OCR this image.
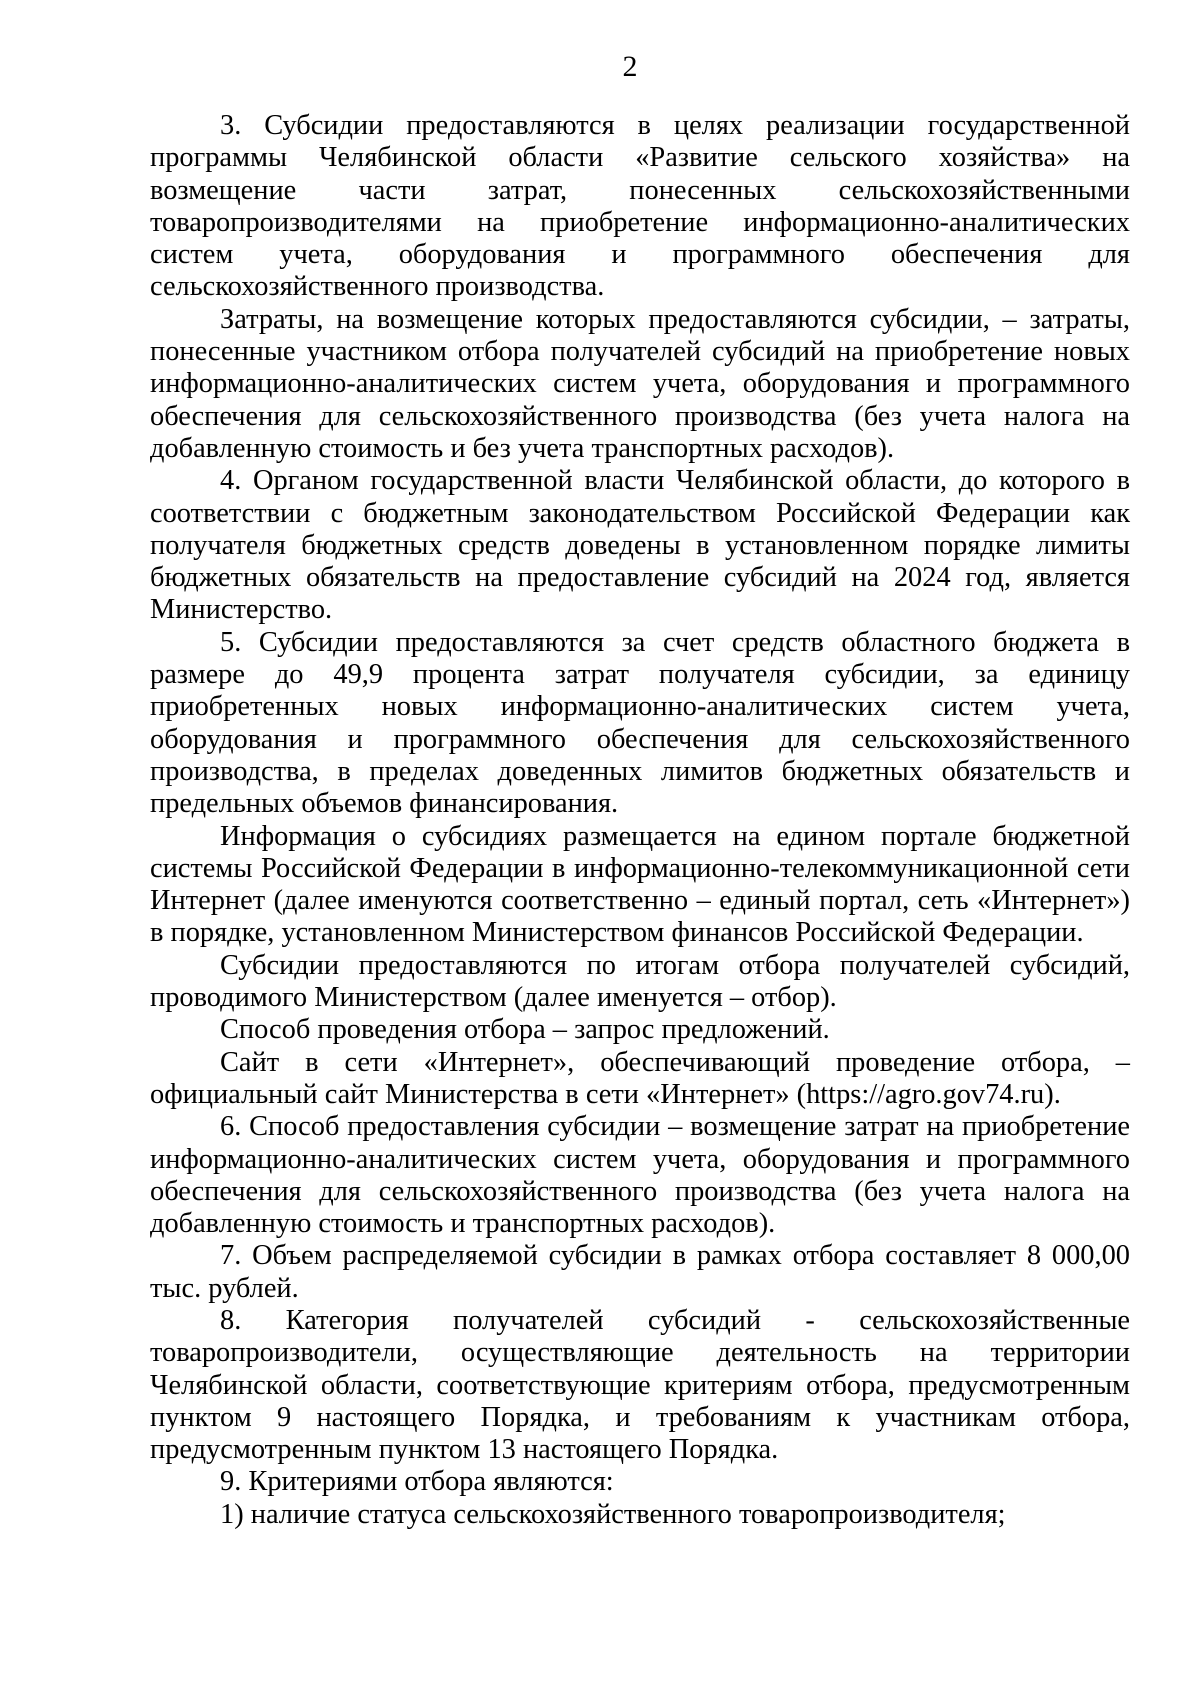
2

3. Субсидии предоставляются в целях реализации государственной программы Челябинской области «Развитие сельского хозяйства» на возмещение части затрат, понесенных сельскохозяйственными товаропроизводителями на приобретение информационно-аналитических систем учета, оборудования и программного обеспечения для сельскохозяйственного производства.

Затраты, на возмещение которых предоставляются субсидии, – затраты, понесенные участником отбора получателей субсидий на приобретение новых информационно-аналитических систем учета, оборудования и программного обеспечения для сельскохозяйственного производства (без учета налога на добавленную стоимость и без учета транспортных расходов).

4. Органом государственной власти Челябинской области, до которого в соответствии с бюджетным законодательством Российской Федерации как получателя бюджетных средств доведены в установленном порядке лимиты бюджетных обязательств на предоставление субсидий на 2024 год, является Министерство.

5. Субсидии предоставляются за счет средств областного бюджета в размере до 49,9 процента затрат получателя субсидии, за единицу приобретенных новых информационно-аналитических систем учета, оборудования и программного обеспечения для сельскохозяйственного производства, в пределах доведенных лимитов бюджетных обязательств и предельных объемов финансирования.

Информация о субсидиях размещается на едином портале бюджетной системы Российской Федерации в информационно-телекоммуникационной сети Интернет (далее именуются соответственно – единый портал, сеть «Интернет») в порядке, установленном Министерством финансов Российской Федерации.

Субсидии предоставляются по итогам отбора получателей субсидий, проводимого Министерством (далее именуется – отбор).

Способ проведения отбора – запрос предложений.

Сайт в сети «Интернет», обеспечивающий проведение отбора, – официальный сайт Министерства в сети «Интернет» (https://agro.gov74.ru).

6. Способ предоставления субсидии – возмещение затрат на приобретение информационно-аналитических систем учета, оборудования и программного обеспечения для сельскохозяйственного производства (без учета налога на добавленную стоимость и транспортных расходов).

7. Объем распределяемой субсидии в рамках отбора составляет 8 000,00 тыс. рублей.

8. Категория получателей субсидий - сельскохозяйственные товаропроизводители, осуществляющие деятельность на территории Челябинской области, соответствующие критериям отбора, предусмотренным пунктом 9 настоящего Порядка, и требованиям к участникам отбора, предусмотренным пунктом 13 настоящего Порядка.

9. Критериями отбора являются:

1) наличие статуса сельскохозяйственного товаропроизводителя;
